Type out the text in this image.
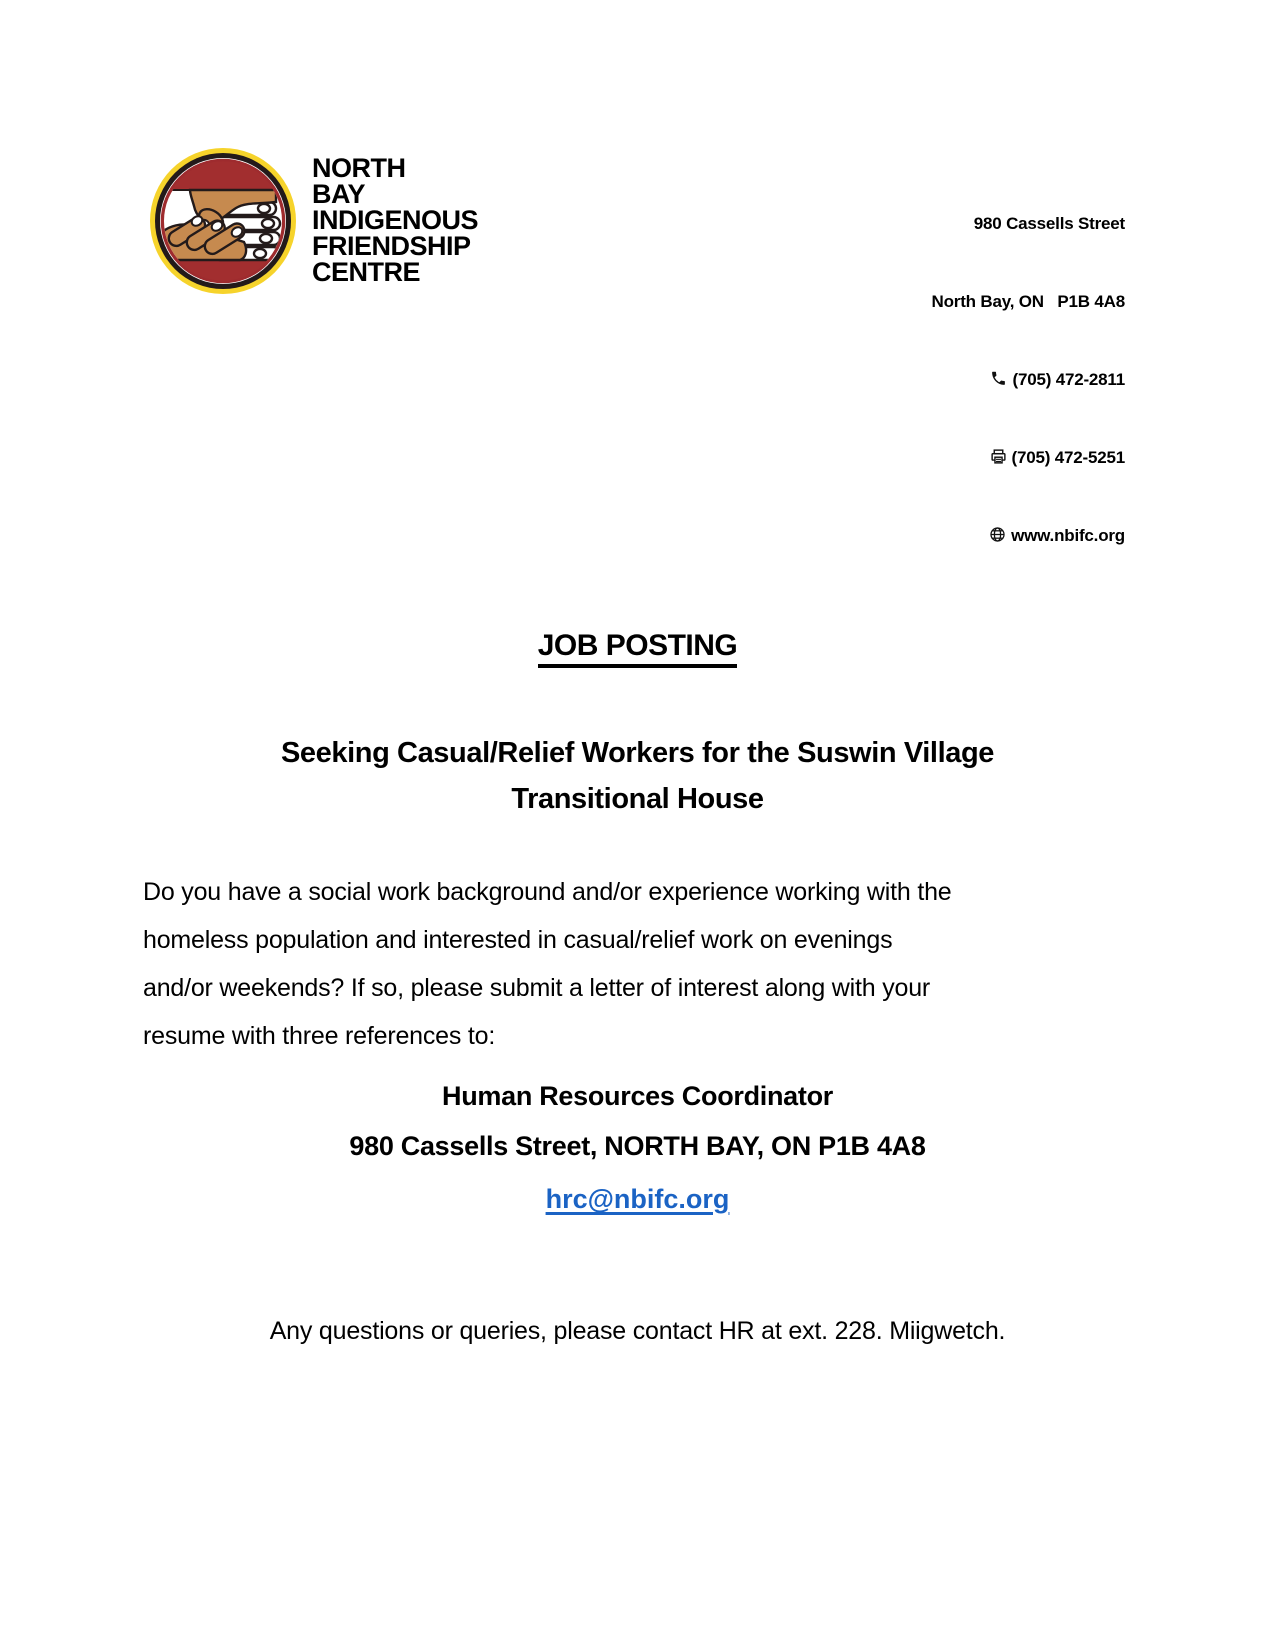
NORTH
BAY
INDIGENOUS
FRIENDSHIP
CENTRE

980 Cassells Street

North Bay, ON   P1B 4A8

(705) 472-2811

(705) 472-5251

www.nbifc.org

JOB POSTING
Seeking Casual/Relief Workers for the Suswin Village
Transitional House
Do you have a social work background and/or experience working with the
homeless population and interested in casual/relief work on evenings
and/or weekends? If so, please submit a letter of interest along with your
resume with three references to:
Human Resources Coordinator
980 Cassells Street, NORTH BAY, ON P1B 4A8
hrc@nbifc.org
Any questions or queries, please contact HR at ext. 228. Miigwetch.
